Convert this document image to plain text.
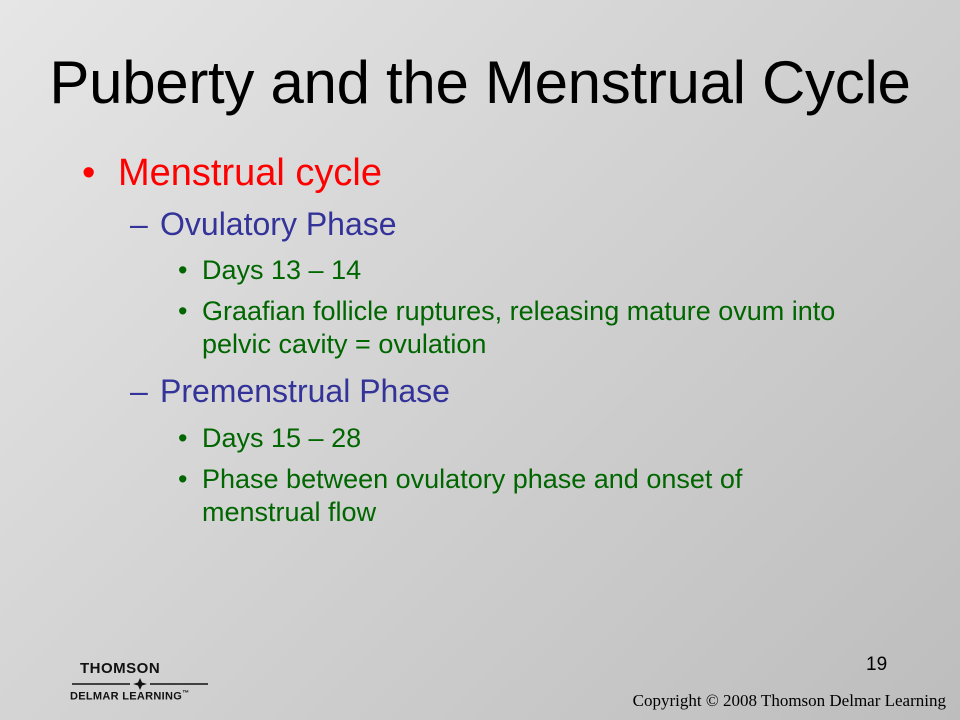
Puberty and the Menstrual Cycle
• Menstrual cycle
– Ovulatory Phase
• Days 13 – 14
• Graafian follicle ruptures, releasing mature ovum into pelvic cavity = ovulation
– Premenstrual Phase
• Days 15 – 28
• Phase between ovulatory phase and onset of menstrual flow
THOMSON
DELMAR LEARNING™
19
Copyright © 2008 Thomson Delmar Learning
